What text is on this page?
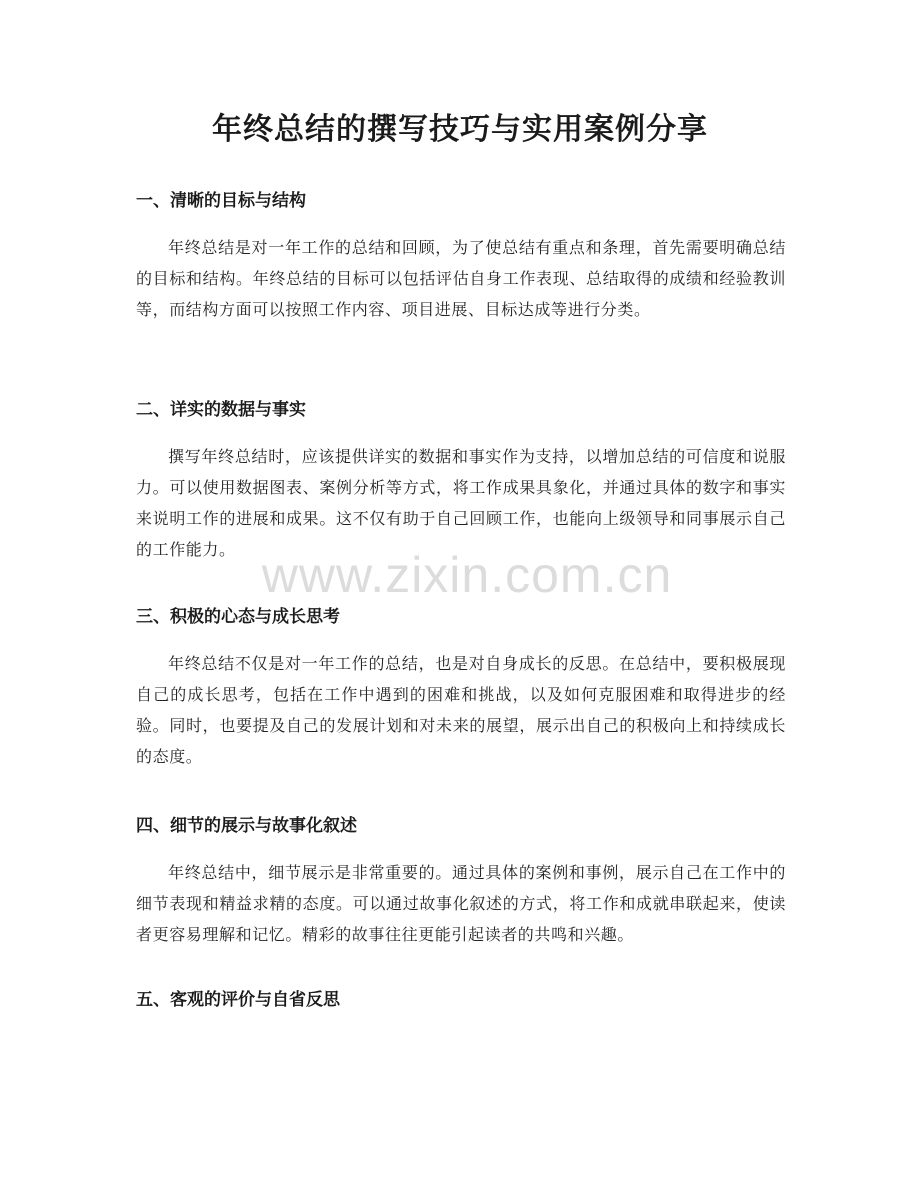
年终总结的撰写技巧与实用案例分享
一、清晰的目标与结构

年终总结是对一年工作的总结和回顾，为了使总结有重点和条理，首先需要明确总结的目标和结构。年终总结的目标可以包括评估自身工作表现、总结取得的成绩和经验教训等，而结构方面可以按照工作内容、项目进展、目标达成等进行分类。

二、详实的数据与事实

撰写年终总结时，应该提供详实的数据和事实作为支持，以增加总结的可信度和说服力。可以使用数据图表、案例分析等方式，将工作成果具象化，并通过具体的数字和事实来说明工作的进展和成果。这不仅有助于自己回顾工作，也能向上级领导和同事展示自己的工作能力。

三、积极的心态与成长思考

年终总结不仅是对一年工作的总结，也是对自身成长的反思。在总结中，要积极展现自己的成长思考，包括在工作中遇到的困难和挑战，以及如何克服困难和取得进步的经验。同时，也要提及自己的发展计划和对未来的展望，展示出自己的积极向上和持续成长的态度。

四、细节的展示与故事化叙述

年终总结中，细节展示是非常重要的。通过具体的案例和事例，展示自己在工作中的细节表现和精益求精的态度。可以通过故事化叙述的方式，将工作和成就串联起来，使读者更容易理解和记忆。精彩的故事往往更能引起读者的共鸣和兴趣。

五、客观的评价与自省反思
www.zixin.com.cn
